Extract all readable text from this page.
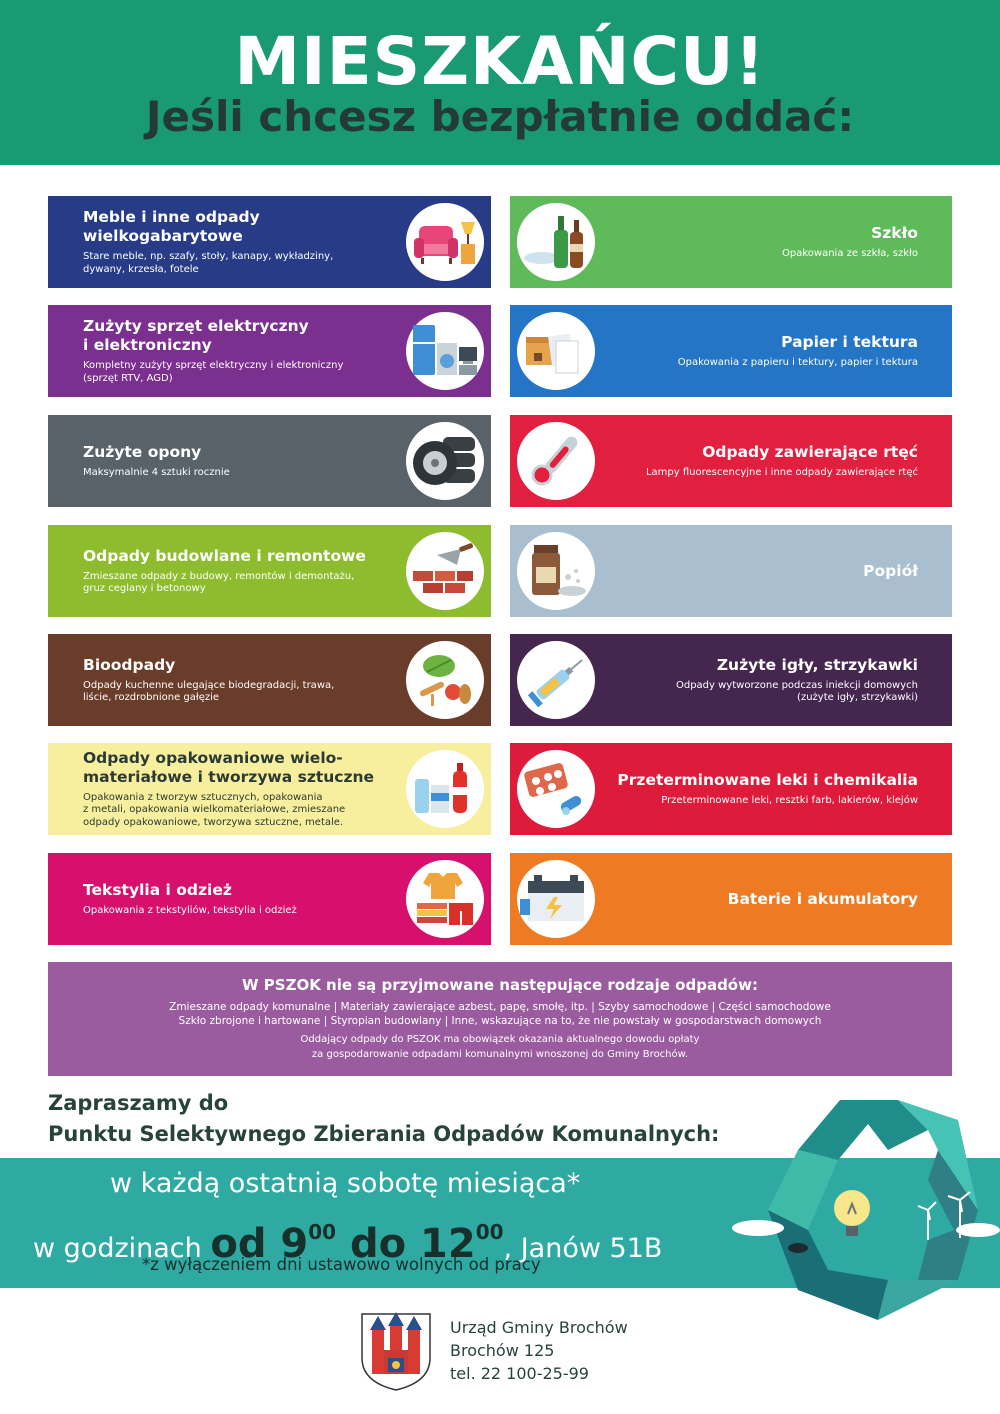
MIESZKAŃCU!
Jeśli chcesz bezpłatnie oddać:
Meble i inne odpady
wielkogabarytowe
Stare meble, np. szafy, stoły, kanapy, wykładziny,
dywany, krzesła, fotele
Zużyty sprzęt elektryczny
i elektroniczny
Kompletny zużyty sprzęt elektryczny i elektroniczny
(sprzęt RTV, AGD)
Zużyte opony
Maksymalnie 4 sztuki rocznie
Odpady budowlane i remontowe
Zmieszane odpady z budowy, remontów i demontażu,
gruz ceglany i betonowy
Bioodpady
Odpady kuchenne ulegające biodegradacji, trawa,
liście, rozdrobnione gałęzie
Odpady opakowaniowe wielo-
materiałowe i tworzywa sztuczne
Opakowania z tworzyw sztucznych, opakowania
z metali, opakowania wielkomateriałowe, zmieszane
odpady opakowaniowe, tworzywa sztuczne, metale.
Tekstylia i odzież
Opakowania z tekstyliów, tekstylia i odzież
Szkło
Opakowania ze szkła, szkło
Papier i tektura
Opakowania z papieru i tektury, papier i tektura
Odpady zawierające rtęć
Lampy fluorescencyjne i inne odpady zawierające rtęć
Popiół
Zużyte igły, strzykawki
Odpady wytworzone podczas iniekcji domowych
(zużyte igły, strzykawki)
Przeterminowane leki i chemikalia
Przeterminowane leki, resztki farb, lakierów, klejów
Baterie i akumulatory
W PSZOK nie są przyjmowane następujące rodzaje odpadów:
Zmieszane odpady komunalne | Materiały zawierające azbest, papę, smołę, itp. | Szyby samochodowe | Części samochodowe
Szkło zbrojone i hartowane | Styropian budowlany | Inne, wskazujące na to, że nie powstały w gospodarstwach domowych
Oddający odpady do PSZOK ma obowiązek okazania aktualnego dowodu opłaty
za gospodarowanie odpadami komunalnymi wnoszonej do Gminy Brochów.
Zapraszamy do
Punktu Selektywnego Zbierania Odpadów Komunalnych:
w każdą ostatnią sobotę miesiąca*
w godzinach od $9^{00}$ do $12^{00}$, Janów 51B
*z wyłączeniem dni ustawowo wolnych od pracy
Urząd Gminy Brochów
Brochów 125
tel. 22 100-25-99
